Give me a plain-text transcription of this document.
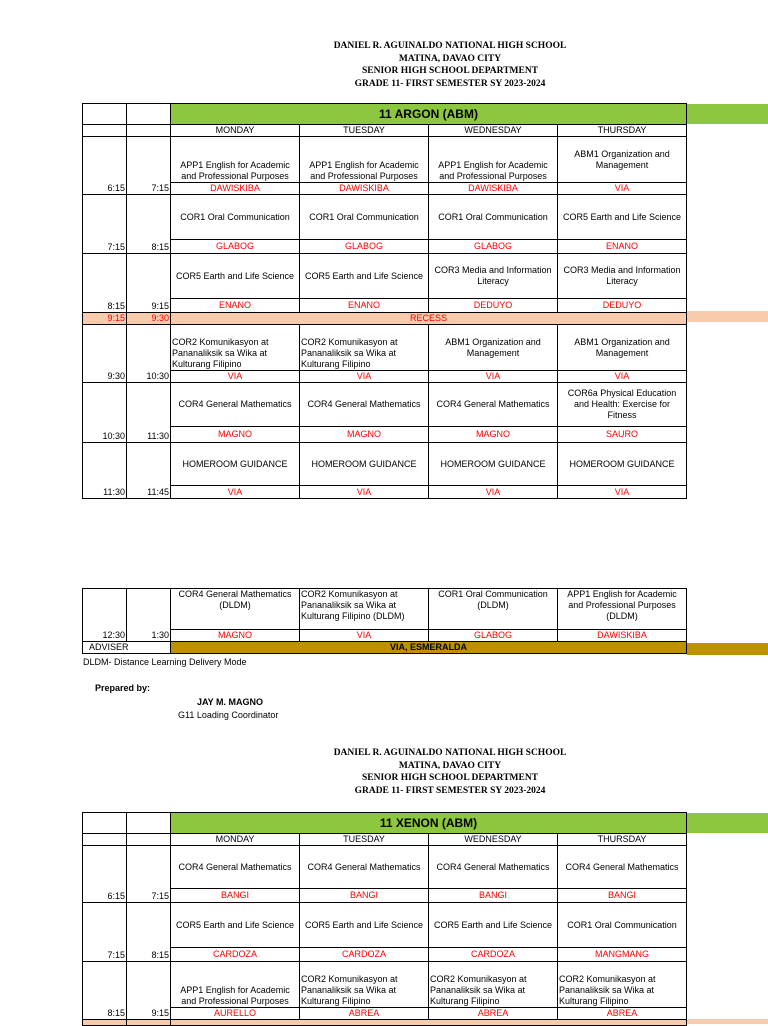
DANIEL R. AGUINALDO NATIONAL HIGH SCHOOL
MATINA, DAVAO CITY
SENIOR HIGH SCHOOL DEPARTMENT
GRADE 11- FIRST SEMESTER SY 2023-2024
		11 ARGON (ABM)			
		MONDAY	TUESDAY	WEDNESDAY	THURSDAY
6:15	7:15	APP1 English for Academic and Professional Purposes	APP1 English for Academic and Professional Purposes	APP1 English for Academic and Professional Purposes	ABM1 Organization and Management
		DAWISKIBA	DAWISKIBA	DAWISKIBA	VIA
7:15	8:15	COR1 Oral Communication	COR1 Oral Communication	COR1 Oral Communication	COR5 Earth and Life Science
		GLABOG	GLABOG	GLABOG	ENANO
8:15	9:15	COR5 Earth and Life Science	COR5 Earth and Life Science	COR3 Media and Information Literacy	COR3 Media and Information Literacy
		ENANO	ENANO	DEDUYO	DEDUYO
9:15	9:30	RECESS			
9:30	10:30	COR2 Komunikasyon at Pananaliksik sa Wika at Kulturang Filipino	COR2 Komunikasyon at Pananaliksik sa Wika at Kulturang Filipino	ABM1 Organization and Management	ABM1 Organization and Management
		VIA	VIA	VIA	VIA
10:30	11:30	COR4 General Mathematics	COR4 General Mathematics	COR4 General Mathematics	COR6a Physical Education and Health: Exercise for Fitness
		MAGNO	MAGNO	MAGNO	SAURO
11:30	11:45	HOMEROOM GUIDANCE	HOMEROOM GUIDANCE	HOMEROOM GUIDANCE	HOMEROOM GUIDANCE
		VIA	VIA	VIA	VIA
12:30	1:30	COR4 General Mathematics (DLDM)	COR2 Komunikasyon at Pananaliksik sa Wika at Kulturang Filipino (DLDM)	COR1 Oral Communication (DLDM)	APP1 English for Academic and Professional Purposes (DLDM)
		MAGNO	VIA	GLABOG	DAWISKIBA
ADVISER		VIA, ESMERALDA			
DLDM- Distance Learning Delivery Mode
Prepared by:
JAY M. MAGNO
G11 Loading Coordinator
DANIEL R. AGUINALDO NATIONAL HIGH SCHOOL
MATINA, DAVAO CITY
SENIOR HIGH SCHOOL DEPARTMENT
GRADE 11- FIRST SEMESTER SY 2023-2024
		11 XENON (ABM)			
		MONDAY	TUESDAY	WEDNESDAY	THURSDAY
6:15	7:15	COR4 General Mathematics	COR4 General Mathematics	COR4 General Mathematics	COR4 General Mathematics
		BANGI	BANGI	BANGI	BANGI
7:15	8:15	COR5 Earth and Life Science	COR5 Earth and Life Science	COR5 Earth and Life Science	COR1 Oral Communication
		CARDOZA	CARDOZA	CARDOZA	MANGMANG
8:15	9:15	APP1 English for Academic and Professional Purposes	COR2 Komunikasyon at Pananaliksik sa Wika at Kulturang Filipino	COR2 Komunikasyon at Pananaliksik sa Wika at Kulturang Filipino	COR2 Komunikasyon at Pananaliksik sa Wika at Kulturang Filipino
		AURELLO	ABREA	ABREA	ABREA
